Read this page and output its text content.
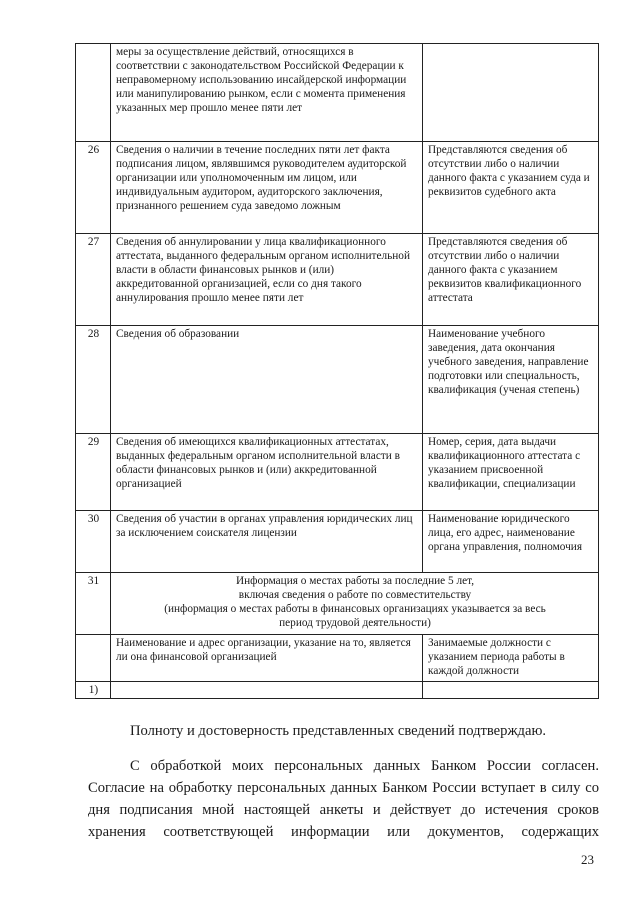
	меры за осуществление действий, относящихся в соответствии с законодательством Российской Федерации к неправомерному использованию инсайдерской информации или манипулированию рынком, если с момента применения указанных мер прошло менее пяти лет	
26	Сведения о наличии в течение последних пяти лет факта подписания лицом, являвшимся руководителем аудиторской организации или уполномоченным им лицом, или индивидуальным аудитором, аудиторского заключения, признанного решением суда заведомо ложным	Представляются сведения об отсутствии либо о наличии данного факта с указанием суда и реквизитов судебного акта
27	Сведения об аннулировании у лица квалификационного аттестата, выданного федеральным органом исполнительной власти в области финансовых рынков и (или) аккредитованной организацией, если со дня такого аннулирования прошло менее пяти лет	Представляются сведения об отсутствии либо о наличии данного факта с указанием реквизитов квалификационного аттестата
28	Сведения об образовании	Наименование учебного заведения, дата окончания учебного заведения, направление подготовки или специальность, квалификация (ученая степень)
29	Сведения об имеющихся квалификационных аттестатах, выданных федеральным органом исполнительной власти в области финансовых рынков и (или) аккредитованной организацией	Номер, серия, дата выдачи квалификационного аттестата с указанием присвоенной квалификации, специализации
30	Сведения об участии в органах управления юридических лиц за исключением соискателя лицензии	Наименование юридического лица, его адрес, наименование органа управления, полномочия
31	Информация о местах работы за последние 5 лет,
включая сведения о работе по совместительству
(информация о местах работы в финансовых организациях указывается за весь
период трудовой деятельности)	

	Наименование и адрес организации, указание на то, является ли она финансовой организацией	Занимаемые должности с указанием периода работы в каждой должности
1)		
Полноту и достоверность представленных сведений подтверждаю.
С обработкой моих персональных данных Банком России согласен. Согласие на обработку персональных данных Банком России вступает в силу со дня подписания мной настоящей анкеты и действует до истечения сроков хранения соответствующей информации или документов, содержащих
23
